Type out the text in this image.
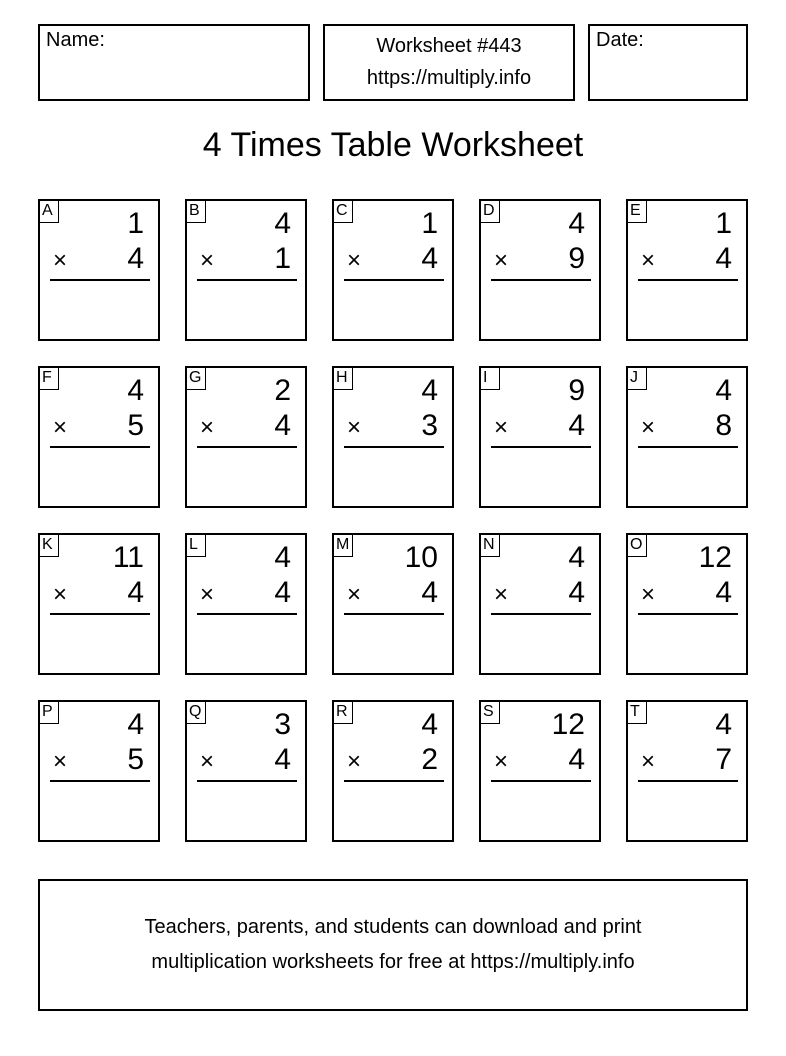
Name:	Worksheet #443
https://multiply.info
Date:
4 Times Table Worksheet
A 1
× 4
B 4
× 1
C 1
× 4
D 4
× 9
E 1
× 4
F	4
× 5
G 2
× 4
H 4
× 3
I	9
× 4
J	4
× 8
K 11
× 4
L	4
× 4
M 10
× 4
N 4
× 4
O 12
× 4
P 4
× 5
Q 3
× 4
R 4
× 2
S 12
× 4
T	4
× 7
Teachers, parents, and students can download and print
multiplication worksheets for free at https://multiply.info
